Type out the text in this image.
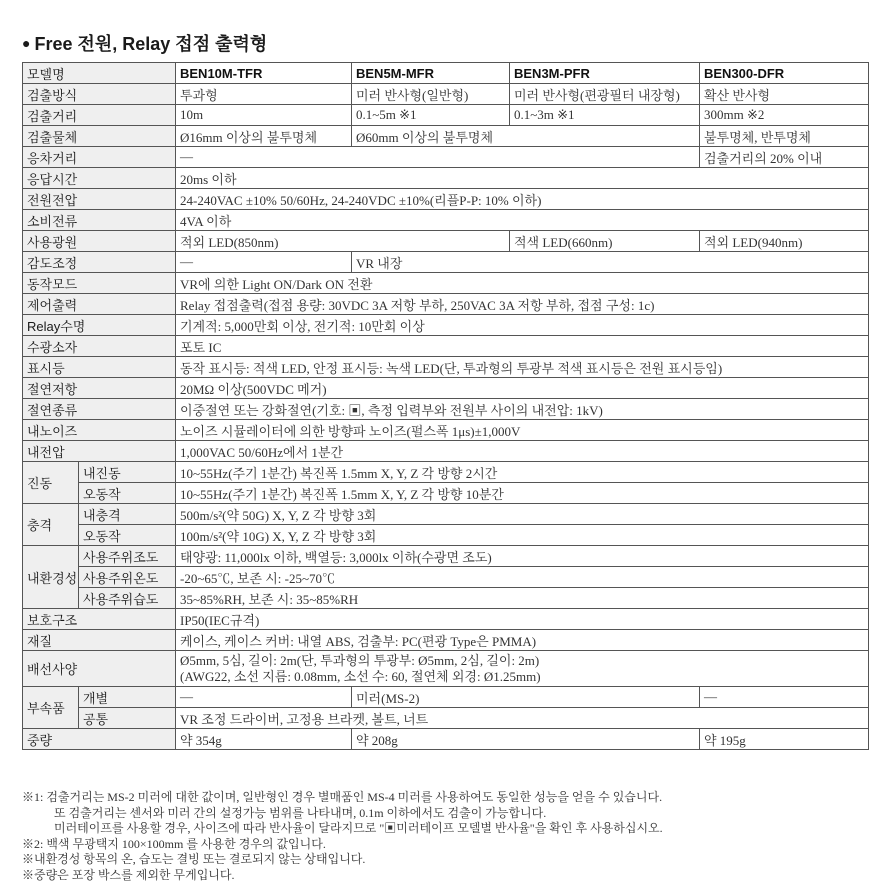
● Free 전원, Relay 접점 출력형
모델명		BEN10M-TFR	BEN5M-MFR	BEN3M-PFR	BEN300-DFR
검출방식		투과형	미러 반사형(일반형)	미러 반사형(편광필터 내장형)	확산 반사형
검출거리		10m	0.1~5m ※1	0.1~3m ※1	300mm ※2
검출물체		Ø16mm 이상의 불투명체	Ø60mm 이상의 불투명체		불투명체, 반투명체
응차거리		—			검출거리의 20% 이내
응답시간		20ms 이하			
전원전압		24-240VAC ±10% 50/60Hz, 24-240VDC ±10%(리플P-P: 10% 이하)			
소비전류		4VA 이하			
사용광원		적외 LED(850nm)		적색 LED(660nm)	적외 LED(940nm)
감도조정		—	VR 내장		
동작모드		VR에 의한 Light ON/Dark ON 전환			
제어출력		Relay 접점출력(접점 용량: 30VDC 3A 저항 부하, 250VAC 3A 저항 부하, 접점 구성: 1c)			
Relay수명		기계적: 5,000만회 이상, 전기적: 10만회 이상			
수광소자		포토 IC			
표시등		동작 표시등: 적색 LED, 안정 표시등: 녹색 LED(단, 투과형의 투광부 적색 표시등은 전원 표시등임)			
절연저항		20MΩ 이상(500VDC 메거)			
절연종류		이중절연 또는 강화절연(기호: ▣, 측정 입력부와 전원부 사이의 내전압: 1kV)			
내노이즈		노이즈 시뮬레이터에 의한 방향파 노이즈(펄스폭 1μs)±1,000V			
내전압		1,000VAC 50/60Hz에서 1분간			
진동	내진동	10~55Hz(주기 1분간) 복진폭 1.5mm X, Y, Z 각 방향 2시간			
	오동작	10~55Hz(주기 1분간) 복진폭 1.5mm X, Y, Z 각 방향 10분간			
충격	내충격	500m/s²(약 50G) X, Y, Z 각 방향 3회			
	오동작	100m/s²(약 10G) X, Y, Z 각 방향 3회			
내환경성	사용주위조도	태양광: 11,000lx 이하, 백열등: 3,000lx 이하(수광면 조도)			
	사용주위온도	-20~65℃, 보존 시: -25~70℃			
	사용주위습도	35~85%RH, 보존 시: 35~85%RH			
보호구조		IP50(IEC규격)			
재질		케이스, 케이스 커버: 내열 ABS, 검출부: PC(편광 Type은 PMMA)			
배선사양		Ø5mm, 5심, 길이: 2m(단, 투과형의 투광부: Ø5mm, 2심, 길이: 2m)
(AWG22, 소선 지름: 0.08mm, 소선 수: 60, 절연체 외경: Ø1.25mm)			

부속품	개별	—	미러(MS-2)		—
	공통	VR 조정 드라이버, 고정용 브라켓, 볼트, 너트			
중량		약 354g	약 208g		약 195g
※1: 검출거리는 MS-2 미러에 대한 값이며, 일반형인 경우 별매품인 MS-4 미러를 사용하여도 동일한 성능을 얻을 수 있습니다.
또 검출거리는 센서와 미러 간의 설정가능 범위를 나타내며, 0.1m 이하에서도 검출이 가능합니다.
미러테이프를 사용할 경우, 사이즈에 따라 반사율이 달라지므로 "▣미러테이프 모델별 반사율"을 확인 후 사용하십시오.
※2: 백색 무광택지 100×100mm 를 사용한 경우의 값입니다.
※내환경성 항목의 온, 습도는 결빙 또는 결로되지 않는 상태입니다.
※중량은 포장 박스를 제외한 무게입니다.
